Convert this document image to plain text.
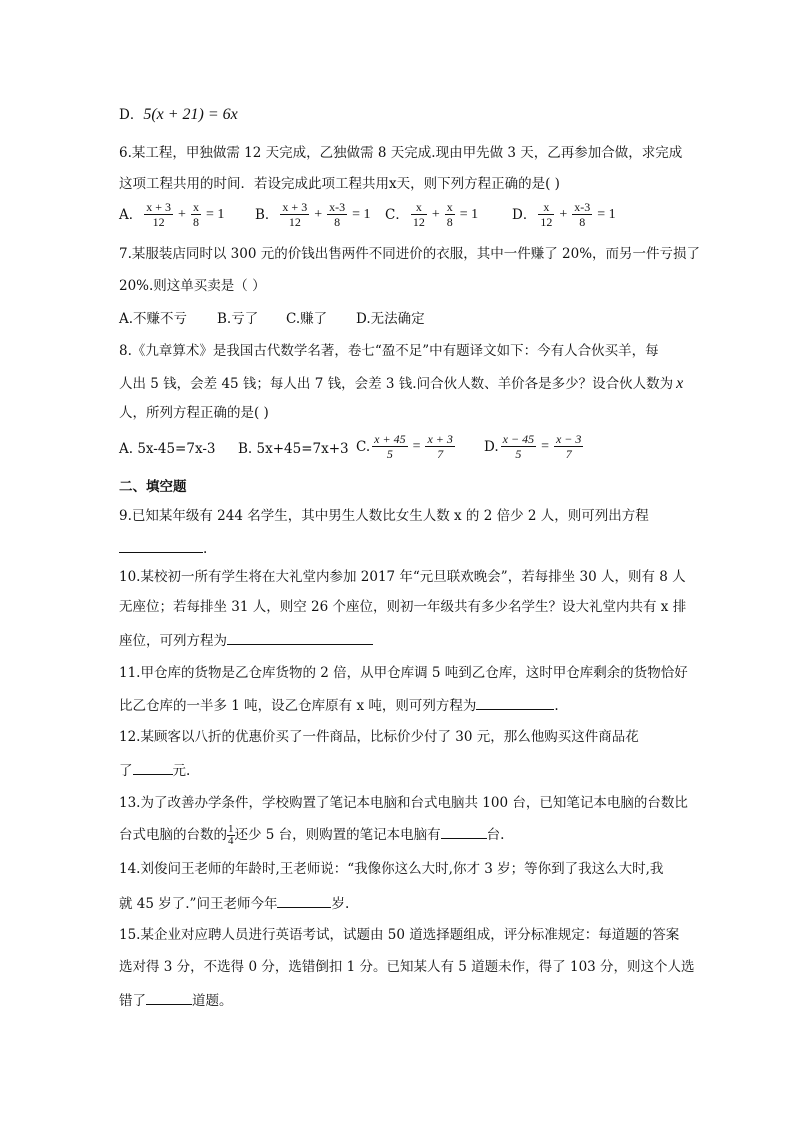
D．5(x + 21) = 6x
6.某工程，甲独做需 12 天完成，乙独做需 8 天完成.现由甲先做 3 天，乙再参加合做，求完成
这项工程共用的时间．若设完成此项工程共用x天，则下列方程正确的是( )
A． $\frac{x + 3}{12} + \frac{x}{8} = 1$ B． $\frac{x + 3}{12} + \frac{x-3}{8} = 1$ C． $\frac{x}{12} + \frac{x}{8} = 1$	D． $\frac{x}{12} + \frac{x-3}{8} = 1$
7.某服装店同时以 300 元的价钱出售两件不同进价的衣服，其中一件赚了 20%，而另一件亏损了
20%.则这单买卖是（ ）
A.不赚不亏 B.亏了 C.赚了 D.无法确定
8.《九章算术》是我国古代数学名著，卷七“盈不足”中有题译文如下：今有人合伙买羊，每
人出 5 钱，会差 45 钱；每人出 7 钱，会差 3 钱.问合伙人数、羊价各是多少？设合伙人数为 x
人，所列方程正确的是( )
A. 5x-45=7x-3 B. 5x+45=7x+3 C. $\frac{x + 45}{5} = \frac{x + 3}{7} D$. $\frac{x - 45}{5} = \frac{x - 3}{7}$
二、填空题
9.已知某年级有 244 名学生，其中男生人数比女生人数 x 的 2 倍少 2 人，则可列出方程
.
10.某校初一所有学生将在大礼堂内参加 2017 年“元旦联欢晚会”，若每排坐 30 人，则有 8 人
无座位；若每排坐 31 人，则空 26 个座位，则初一年级共有多少名学生？设大礼堂内共有 x 排
座位，可列方程为
11.甲仓库的货物是乙仓库货物的 2 倍，从甲仓库调 5 吨到乙仓库，这时甲仓库剩余的货物恰好
比乙仓库的一半多 1 吨，设乙仓库原有 x 吨，则可列方程为	.
12.某顾客以八折的优惠价买了一件商品，比标价少付了 30 元，那么他购买这件商品花
了	元.
13.为了改善办学条件，学校购置了笔记本电脑和台式电脑共 100 台，已知笔记本电脑的台数比
台式电脑的台数的 $\frac{1}{4}$ 还少 5 台，则购置的笔记本电脑有	台.
14.刘俊问王老师的年龄时,王老师说：“我像你这么大时,你才 3 岁；等你到了我这么大时,我
就 45 岁了.”问王老师今年	岁.
15.某企业对应聘人员进行英语考试，试题由 50 道选择题组成，评分标准规定：每道题的答案
选对得 3 分，不选得 0 分，选错倒扣 1 分。已知某人有 5 道题未作，得了 103 分，则这个人选
错了	道题。
